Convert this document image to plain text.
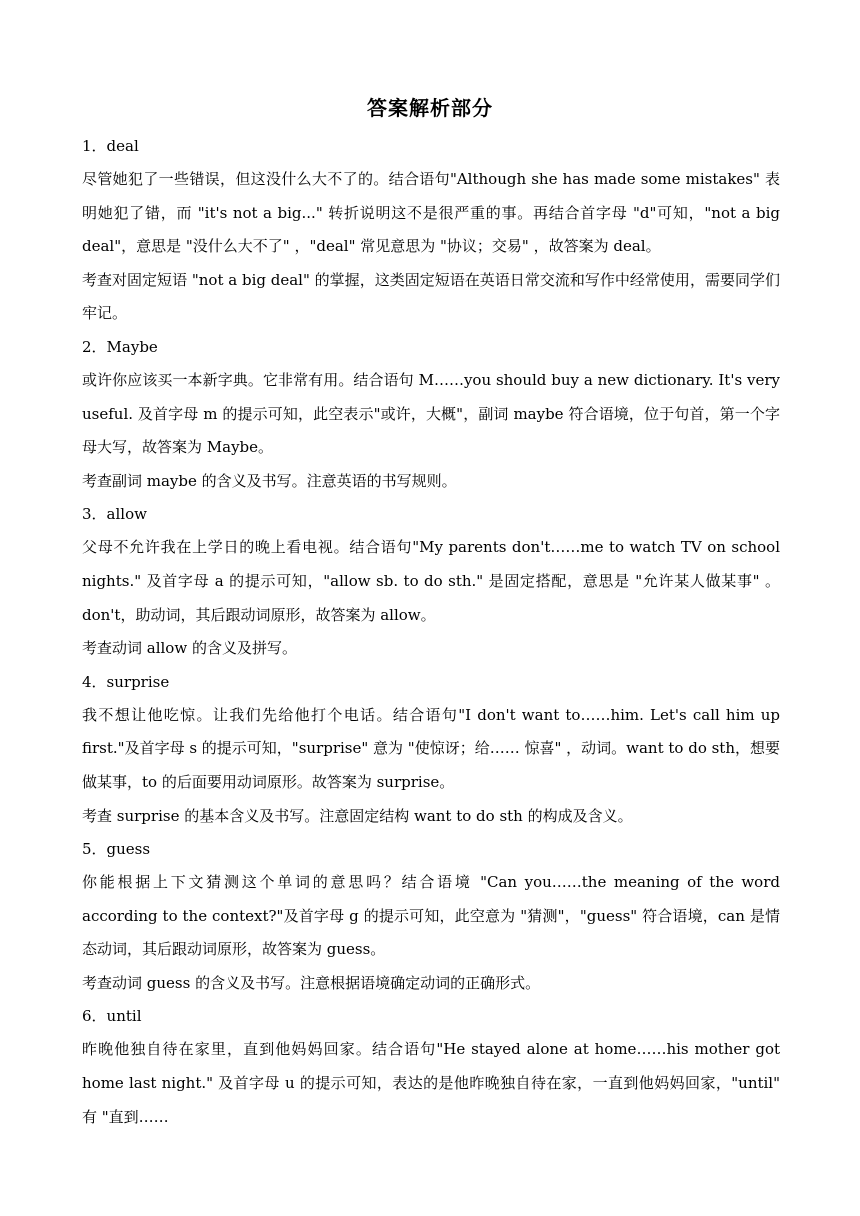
答案解析部分
1．deal

尽管她犯了一些错误，但这没什么大不了的。结合语句"Although she has made some mistakes" 表明她犯了错，而 "it's not a big..." 转折说明这不是很严重的事。再结合首字母 "d"可知，"not a big deal"，意思是 "没什么大不了" ，"deal" 常见意思为 "协议；交易" ，故答案为 deal。

考查对固定短语 "not a big deal" 的掌握，这类固定短语在英语日常交流和写作中经常使用，需要同学们牢记。

2．Maybe

或许你应该买一本新字典。它非常有用。结合语句 M……you should buy a new dictionary. It's very useful. 及首字母 m 的提示可知，此空表示"或许，大概"，副词 maybe 符合语境，位于句首，第一个字母大写，故答案为 Maybe。

考查副词 maybe 的含义及书写。注意英语的书写规则。

3．allow

父母不允许我在上学日的晚上看电视。结合语句"My parents don't……me to watch TV on school nights." 及首字母 a 的提示可知，"allow sb. to do sth." 是固定搭配，意思是 "允许某人做某事" 。don't，助动词，其后跟动词原形，故答案为 allow。

考查动词 allow 的含义及拼写。

4．surprise

我不想让他吃惊。让我们先给他打个电话。结合语句"I don't want to……him. Let's call him up first."及首字母 s 的提示可知，"surprise" 意为 "使惊讶；给…… 惊喜" ，动词。want to do sth，想要做某事，to 的后面要用动词原形。故答案为 surprise。

考查 surprise 的基本含义及书写。注意固定结构 want to do sth 的构成及含义。

5．guess

你能根据上下文猜测这个单词的意思吗？结合语境 "Can you……the meaning of the word according to the context?"及首字母 g 的提示可知，此空意为 "猜测"，"guess" 符合语境，can 是情态动词，其后跟动词原形，故答案为 guess。

考查动词 guess 的含义及书写。注意根据语境确定动词的正确形式。

6．until

昨晚他独自待在家里，直到他妈妈回家。结合语句"He stayed alone at home……his mother got home last night." 及首字母 u 的提示可知，表达的是他昨晚独自待在家，一直到他妈妈回家，"until" 有 "直到……
